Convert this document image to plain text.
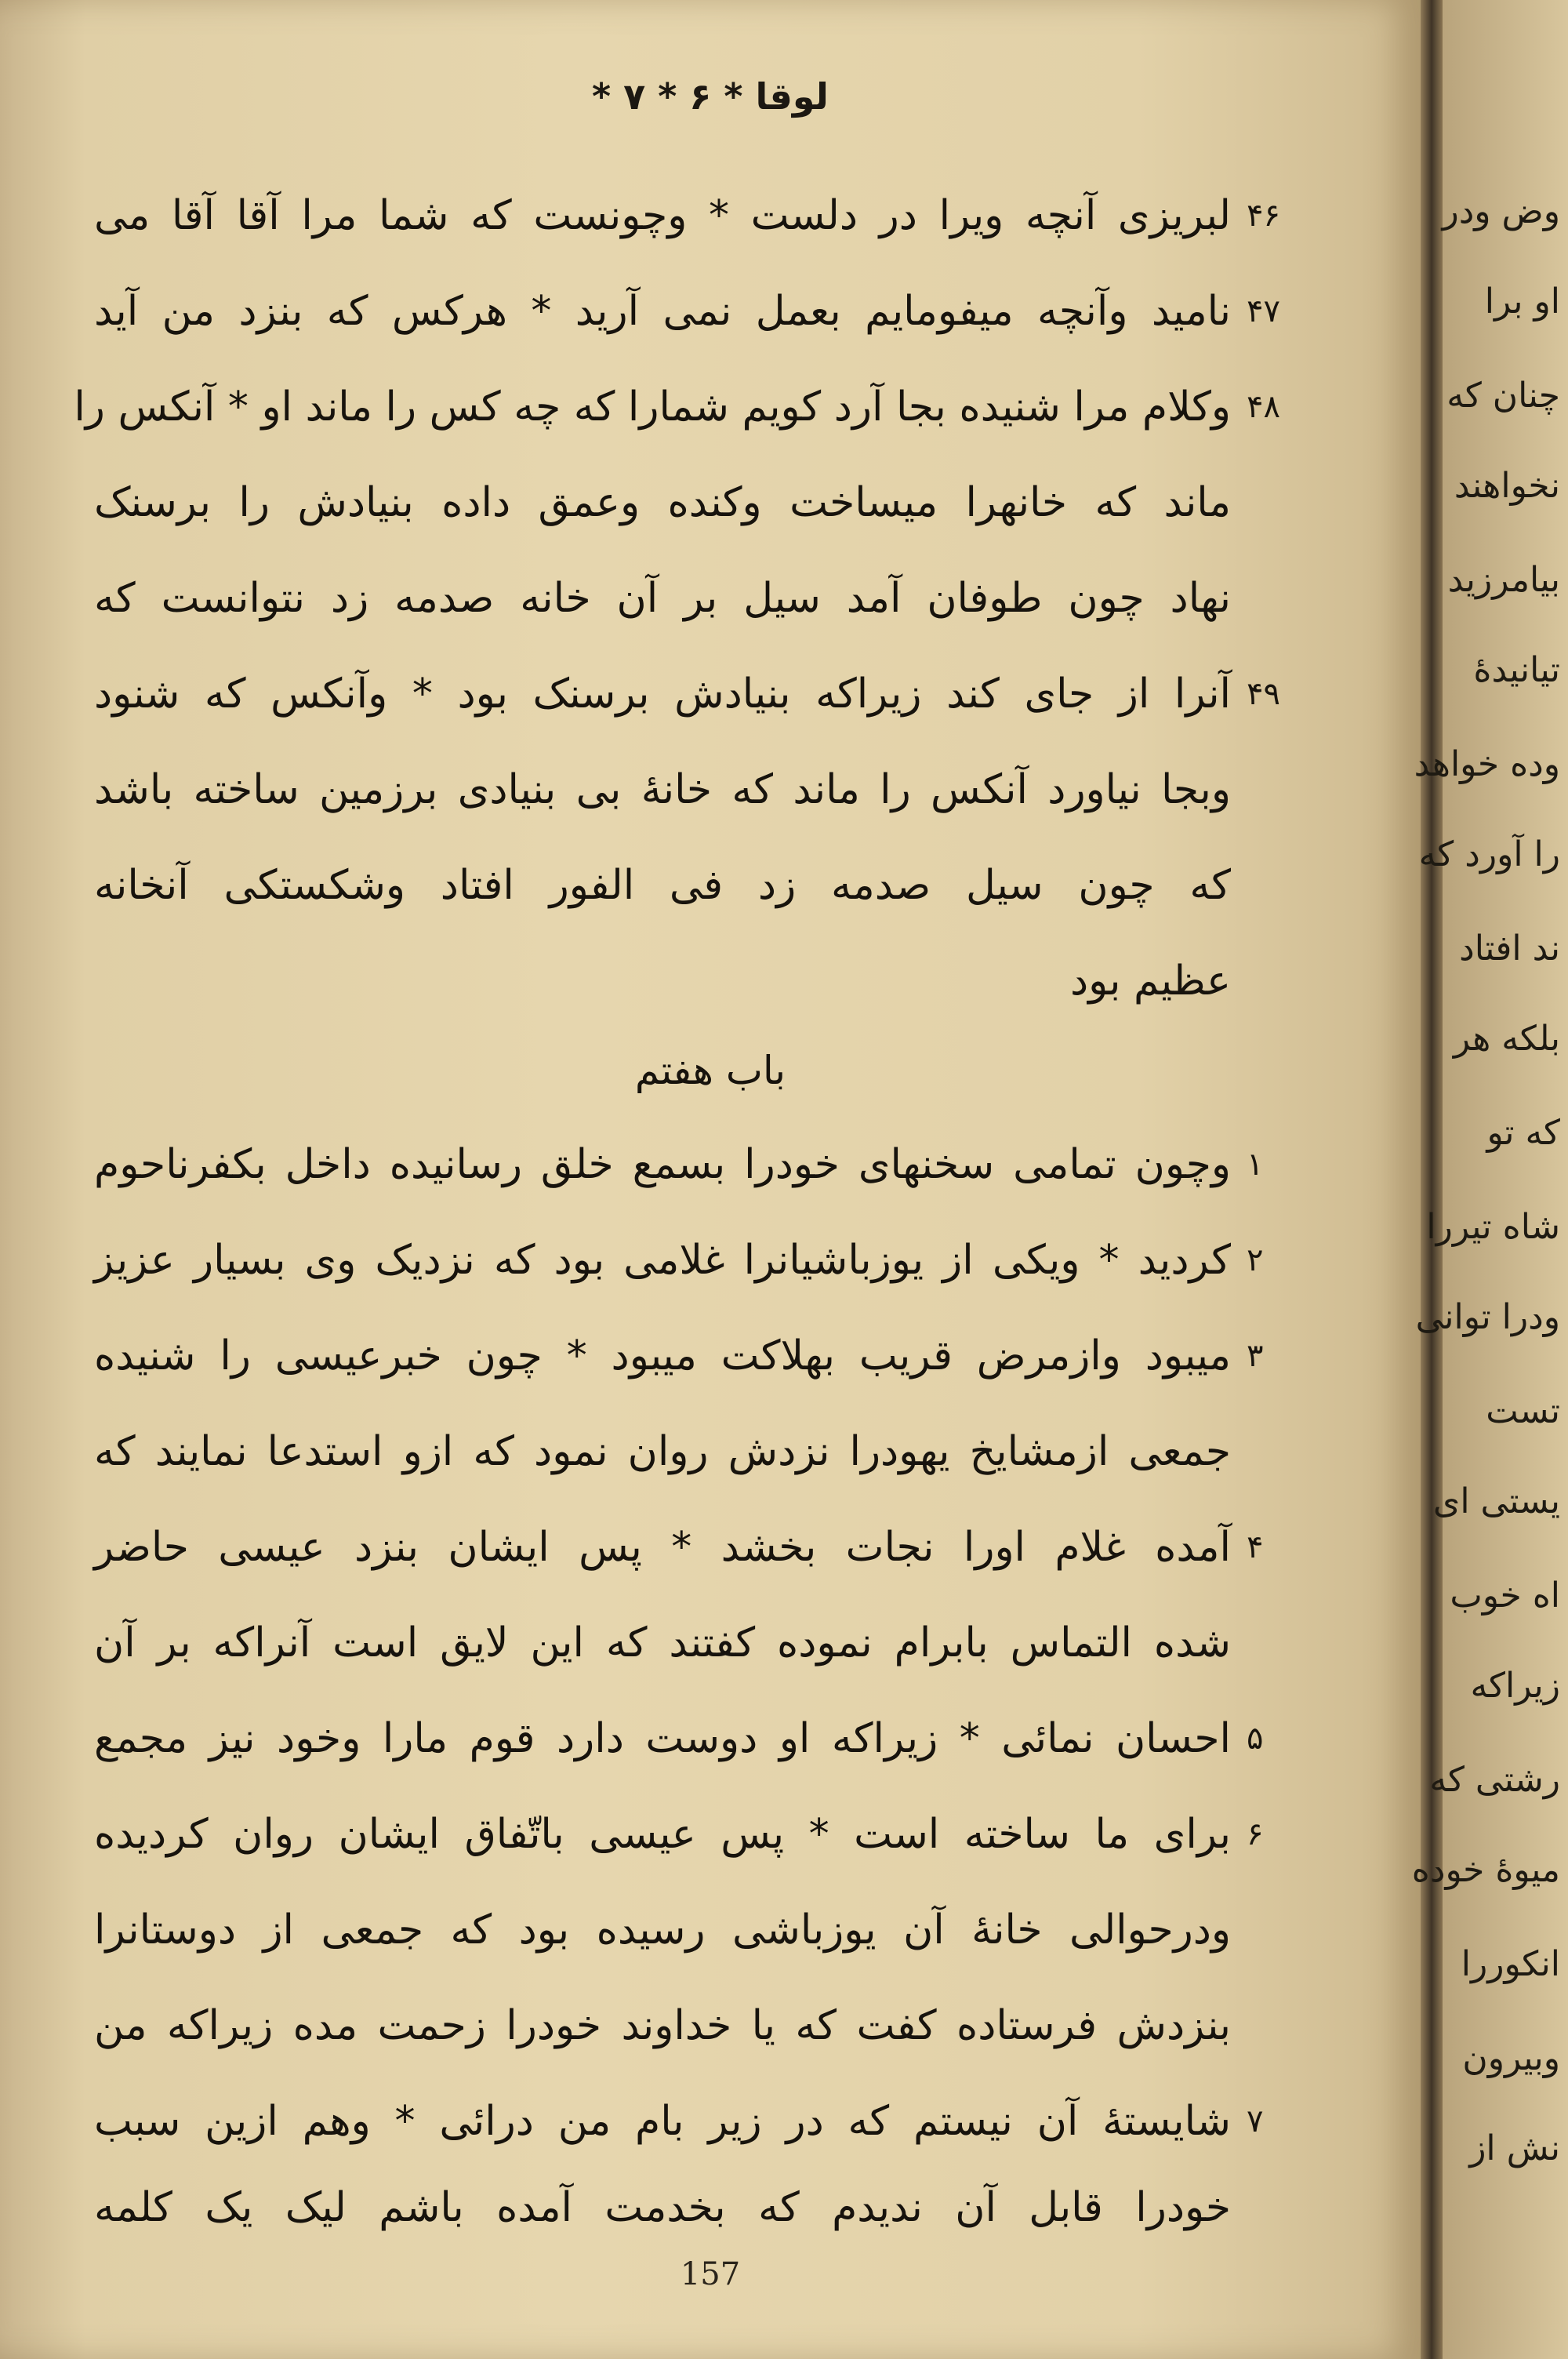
لوقا * ۶ * ۷ *
۴۶
لبریزی آنچه ویرا در دلست * وچونست که شما مرا آقا آقا می
۴۷
نامید وآنچه میفومایم بعمل نمی آرید * هرکس که بنزد من آید
۴۸
وکلام مرا شنیده بجا آرد کویم شمارا که چه کس را ماند او * آنکس را
ماند که خانهرا میساخت وکنده وعمق داده بنیادش را برسنک
نهاد چون طوفان آمد سیل بر آن خانه صدمه زد نتوانست که
۴۹
آنرا از جای کند زیراکه بنیادش برسنک بود * وآنکس که شنود
وبجا نیاورد آنکس را ماند که خانهٔ بی بنیادی برزمین ساخته باشد
که چون سیل صدمه زد فی الفور افتاد وشکستکی آنخانه
عظیم بود
۱
وچون تمامی سخنهای خودرا بسمع خلق رسانیده داخل بکفرناحوم
۲
کردید * ویکی از یوزباشیانرا غلامی بود که نزدیک وی بسیار عزیز
۳
میبود وازمرض قریب بهلاکت میبود * چون خبرعیسی را شنیده
جمعی ازمشایخ یهودرا نزدش روان نمود که ازو استدعا نمایند که
۴
آمده غلام اورا نجات بخشد * پس ایشان بنزد عیسی حاضر
شده التماس بابرام نموده کفتند که این لایق است آنراکه بر آن
۵
احسان نمائی * زیراکه او دوست دارد قوم مارا وخود نیز مجمع
۶
برای ما ساخته است * پس عیسی باتّفاق ایشان روان کردیده
ودرحوالی خانهٔ آن یوزباشی رسیده بود که جمعی از دوستانرا
بنزدش فرستاده کفت که یا خداوند خودرا زحمت مده زیراکه من
۷
شایستهٔ آن نیستم که در زیر بام من درائی * وهم ازین سبب
خودرا قابل آن ندیدم که بخدمت آمده باشم لیک یک کلمه
باب هفتم
157
وض ودر
او برا
چنان که
نخواهند
بیامرزید
تیانیدهٔ
وده خواهد
را آورد که
ند افتاد
بلکه هر
که تو
شاه تیررا
ودرا توانی
تست
یستی ای
اه خوب
زیراکه
رشتی که
میوهٔ خوده
انکوررا
وبیرون
نش از
